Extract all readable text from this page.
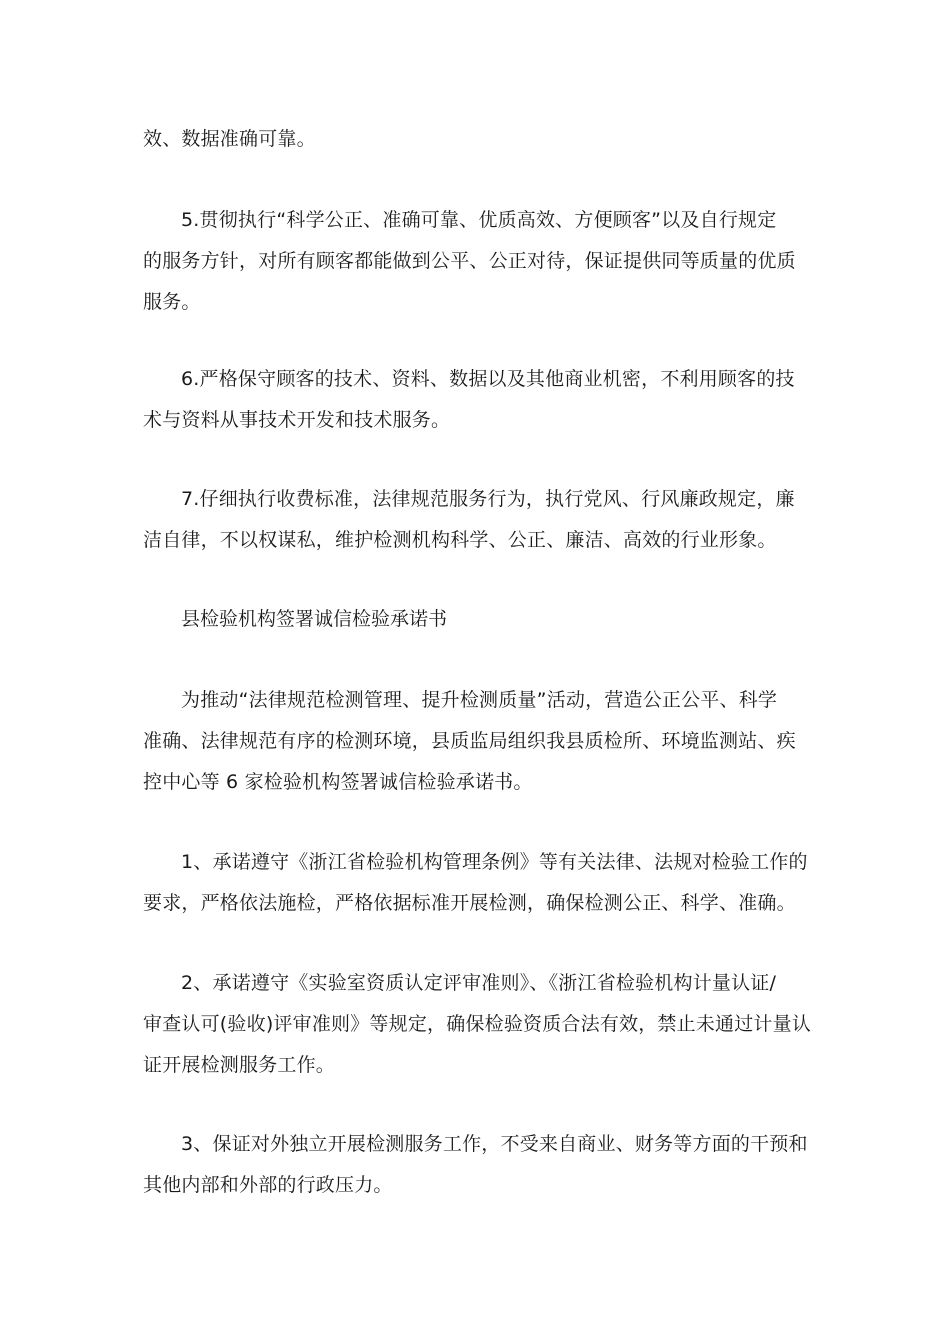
效、数据准确可靠。

5.贯彻执行“科学公正、准确可靠、优质高效、方便顾客”以及自行规定
的服务方针，对所有顾客都能做到公平、公正对待，保证提供同等质量的优质
服务。

6.严格保守顾客的技术、资料、数据以及其他商业机密，不利用顾客的技
术与资料从事技术开发和技术服务。

7.仔细执行收费标准，法律规范服务行为，执行党风、行风廉政规定，廉
洁自律，不以权谋私，维护检测机构科学、公正、廉洁、高效的行业形象。

县检验机构签署诚信检验承诺书

为推动“法律规范检测管理、提升检测质量”活动，营造公正公平、科学
准确、法律规范有序的检测环境，县质监局组织我县质检所、环境监测站、疾
控中心等 6 家检验机构签署诚信检验承诺书。

1、承诺遵守《浙江省检验机构管理条例》等有关法律、法规对检验工作的
要求，严格依法施检，严格依据标准开展检测，确保检测公正、科学、准确。

2、承诺遵守《实验室资质认定评审准则》、《浙江省检验机构计量认证/
审查认可(验收)评审准则》等规定，确保检验资质合法有效，禁止未通过计量认
证开展检测服务工作。

3、保证对外独立开展检测服务工作，不受来自商业、财务等方面的干预和
其他内部和外部的行政压力。
